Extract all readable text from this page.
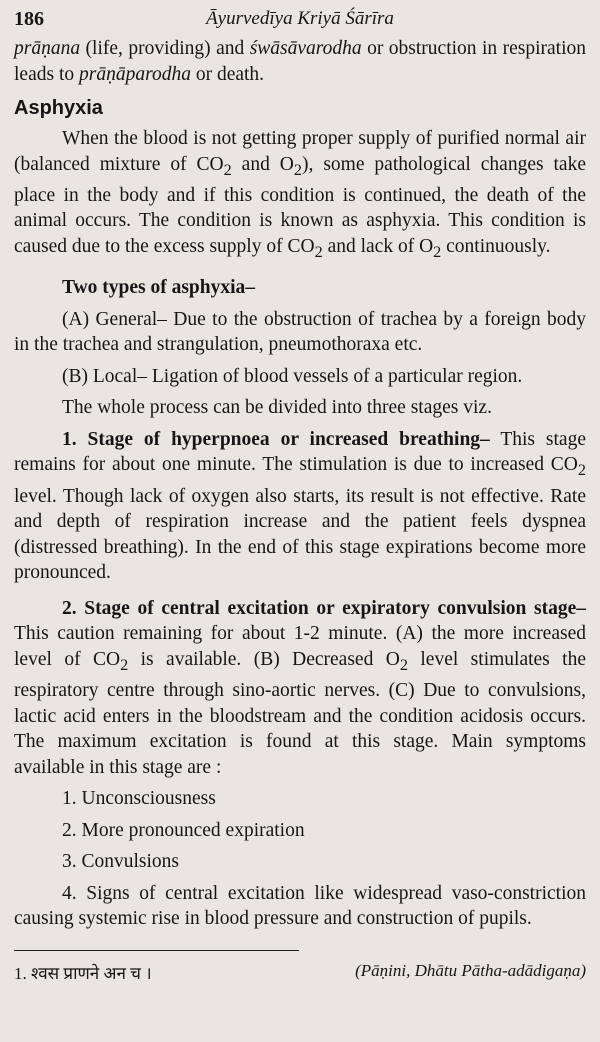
186	Āyurvedīya Kriyā Śārīra

prāṇana (life, providing) and śwāsāvarodha or obstruction in respiration leads to prāṇāparodha or death.

Asphyxia

When the blood is not getting proper supply of purified normal air (balanced mixture of $CO_2$ and $O_2$), some pathological changes take place in the body and if this condition is continued, the death of the animal occurs. The condition is known as asphyxia. This condition is caused due to the excess supply of $CO_2$ and lack of $O_2$ continuously.

Two types of asphyxia–

(A) General– Due to the obstruction of trachea by a foreign body in the trachea and strangulation, pneumothoraxa etc.

(B) Local– Ligation of blood vessels of a particular region.

The whole process can be divided into three stages viz.

1. Stage of hyperpnoea or increased breathing– This stage remains for about one minute. The stimulation is due to increased $CO_2$ level. Though lack of oxygen also starts, its result is not effective. Rate and depth of respiration increase and the patient feels dyspnea (distressed breathing). In the end of this stage expirations become more pronounced.

2. Stage of central excitation or expiratory convulsion stage– This caution remaining for about 1-2 minute. (A) the more increased level of $CO_2$ is available. (B) Decreased $O_2$ level stimulates the respiratory centre through sino-aortic nerves. (C) Due to convulsions, lactic acid enters in the bloodstream and the condition acidosis occurs. The maximum excitation is found at this stage. Main symptoms available in this stage are :

1. Unconsciousness

2. More pronounced expiration

3. Convulsions

4. Signs of central excitation like widespread vaso-constriction causing systemic rise in blood pressure and construction of pupils.

1. श्वस प्राणने अन च ।	(Pāṇini, Dhātu Pātha-adādigaṇa)
